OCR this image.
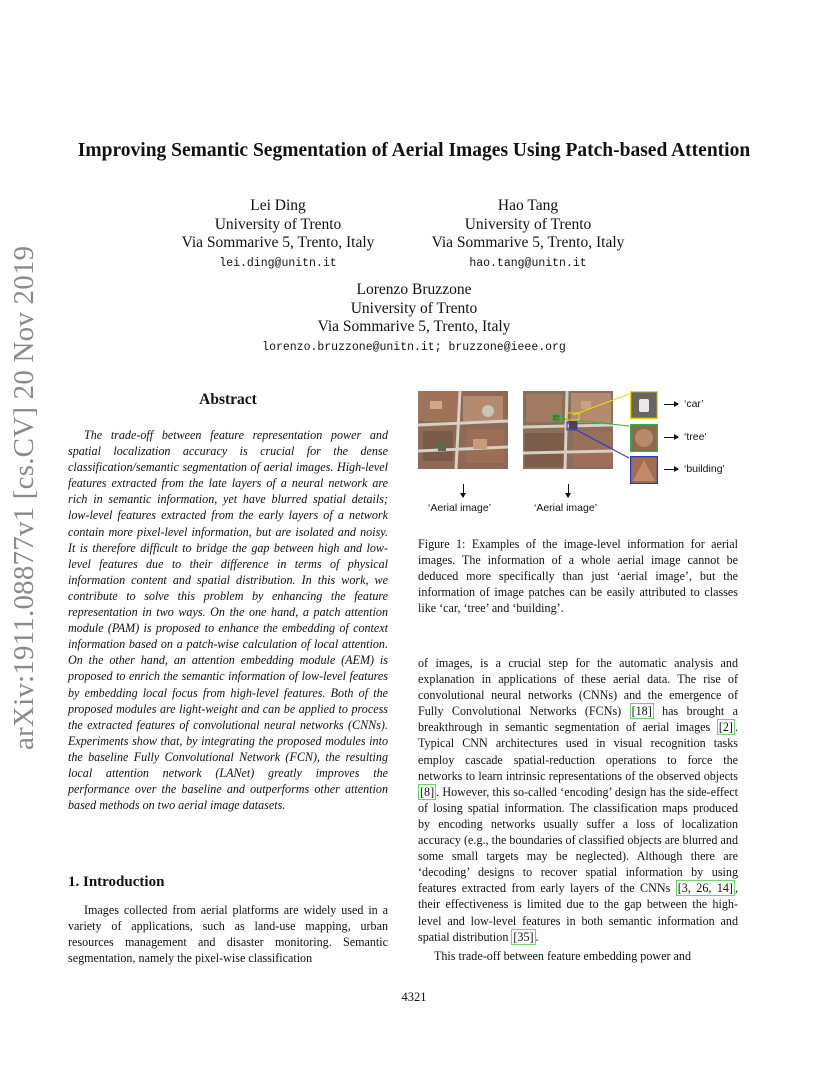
arXiv:1911.08877v1 [cs.CV] 20 Nov 2019
Improving Semantic Segmentation of Aerial Images Using Patch-based Attention
Lei Ding
University of Trento
Via Sommarive 5, Trento, Italy
lei.ding@unitn.it
Hao Tang
University of Trento
Via Sommarive 5, Trento, Italy
hao.tang@unitn.it
Lorenzo Bruzzone
University of Trento
Via Sommarive 5, Trento, Italy
lorenzo.bruzzone@unitn.it; bruzzone@ieee.org
Abstract

The trade-off between feature representation power and spatial localization accuracy is crucial for the dense classification/semantic segmentation of aerial images. High-level features extracted from the late layers of a neural network are rich in semantic information, yet have blurred spatial details; low-level features extracted from the early layers of a network contain more pixel-level information, but are isolated and noisy. It is therefore difficult to bridge the gap between high and low-level features due to their difference in terms of physical information content and spatial distribution. In this work, we contribute to solve this problem by enhancing the feature representation in two ways. On the one hand, a patch attention module (PAM) is proposed to enhance the embedding of context information based on a patch-wise calculation of local attention. On the other hand, an attention embedding module (AEM) is proposed to enrich the semantic information of low-level features by embedding local focus from high-level features. Both of the proposed modules are light-weight and can be applied to process the extracted features of convolutional neural networks (CNNs). Experiments show that, by integrating the proposed modules into the baseline Fully Convolutional Network (FCN), the resulting local attention network (LANet) greatly improves the performance over the baseline and outperforms other attention based methods on two aerial image datasets.

1. Introduction

Images collected from aerial platforms are widely used in a variety of applications, such as land-use mapping, urban resources management and disaster monitoring. Semantic segmentation, namely the pixel-wise classification

‘car’
‘tree’
‘building’
‘Aerial image’	‘Aerial image’

Figure 1: Examples of the image-level information for aerial images. The information of a whole aerial image cannot be deduced more specifically than just ‘aerial image’, but the information of image patches can be easily attributed to classes like ‘car, ‘tree’ and ‘building’.

of images, is a crucial step for the automatic analysis and explanation in applications of these aerial data. The rise of convolutional neural networks (CNNs) and the emergence of Fully Convolutional Networks (FCNs) [18] has brought a breakthrough in semantic segmentation of aerial images [2] . Typical CNN architectures used in visual recognition tasks employ cascade spatial-reduction operations to force the networks to learn intrinsic representations of the observed objects [8] . However, this so-called ‘encoding’ design has the side-effect of losing spatial information. The classification maps produced by encoding networks usually suffer a loss of localization accuracy (e.g., the boundaries of classified objects are blurred and some small targets may be neglected). Although there are ‘decoding’ designs to recover spatial information by using features extracted from early layers of the CNNs [3, 26, 14] , their effectiveness is limited due to the gap between the high-level and low-level features in both semantic information and spatial distribution [35] .

This trade-off between feature embedding power and

4321
